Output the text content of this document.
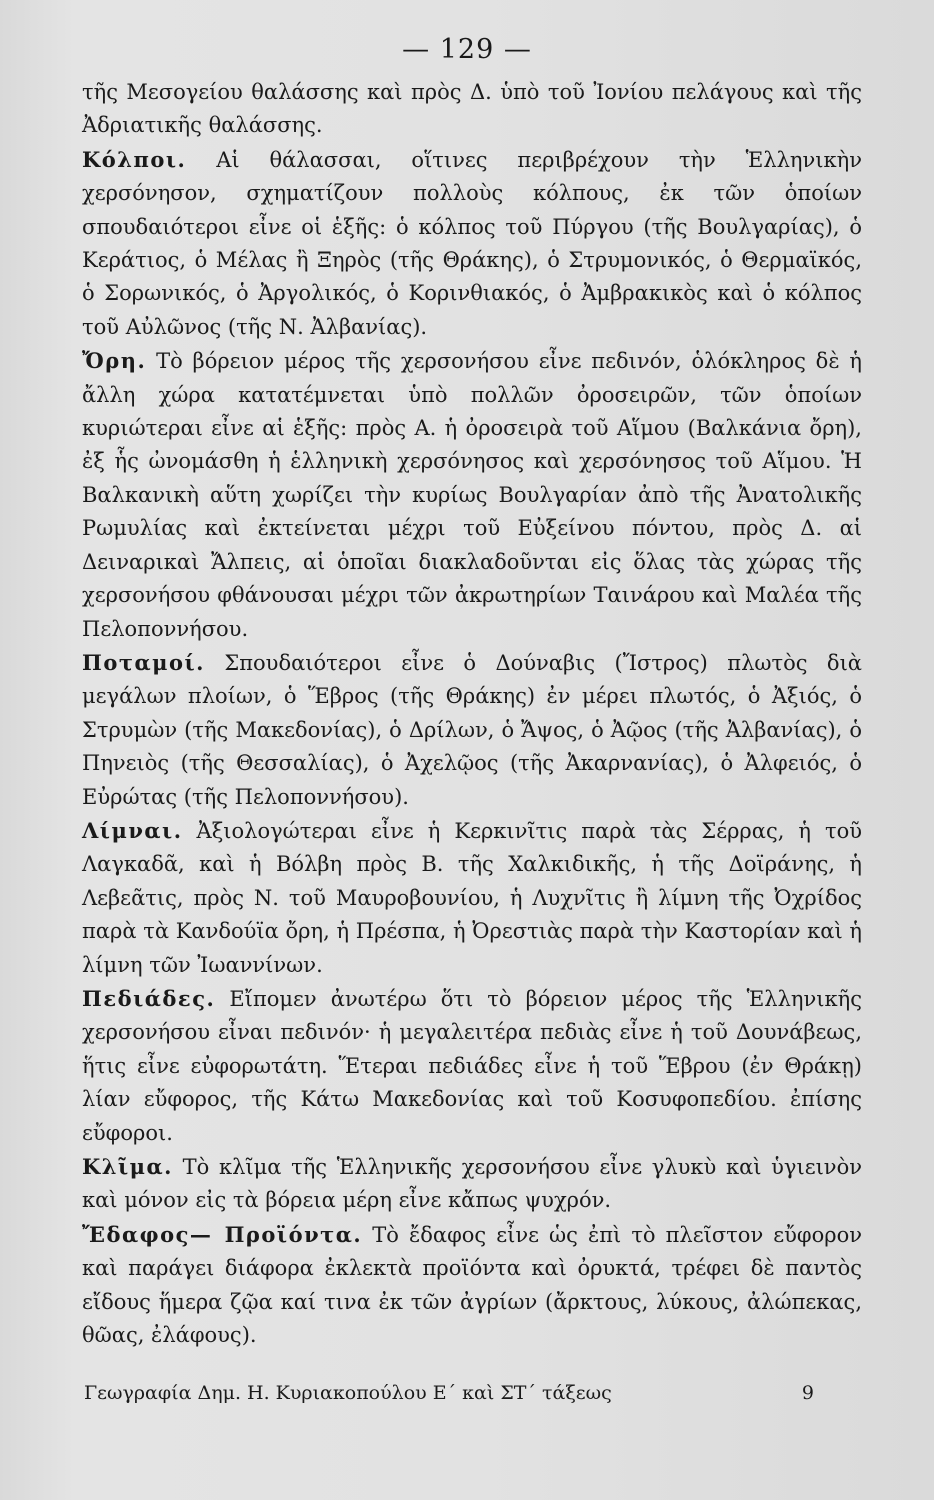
— 129 —

τῆς Μεσογείου θαλάσσης καὶ πρὸς Δ. ὑπὸ τοῦ Ἰονίου πελάγους καὶ τῆς Ἀδριατικῆς θαλάσσης.

Κόλποι. Αἱ θάλασσαι, οἵτινες περιβρέχουν τὴν Ἑλληνικὴν χερσόνησον, σχηματίζουν πολλοὺς κόλπους, ἐκ τῶν ὁποίων σπουδαιότεροι εἶνε οἱ ἑξῆς: ὁ κόλπος τοῦ Πύργου (τῆς Βουλγαρίας), ὁ Κεράτιος, ὁ Μέλας ἢ Ξηρὸς (τῆς Θράκης), ὁ Στρυμονικός, ὁ Θερμαϊκός, ὁ Σορωνικός, ὁ Ἀργολικός, ὁ Κορινθιακός, ὁ Ἀμβρακικὸς καὶ ὁ κόλπος τοῦ Αὐλῶνος (τῆς Ν. Ἀλβανίας).

Ὄρη. Τὸ βόρειον μέρος τῆς χερσονήσου εἶνε πεδινόν, ὁλόκληρος δὲ ἡ ἄλλη χώρα κατατέμνεται ὑπὸ πολλῶν ὀροσειρῶν, τῶν ὁποίων κυριώτεραι εἶνε αἱ ἑξῆς: πρὸς Α. ἡ ὀροσειρὰ τοῦ Αἵμου (Βαλκάνια ὄρη), ἐξ ἧς ὠνομάσθη ἡ ἑλληνικὴ χερσόνησος καὶ χερσόνησος τοῦ Αἵμου. Ἡ Βαλκανικὴ αὕτη χωρίζει τὴν κυρίως Βουλγαρίαν ἀπὸ τῆς Ἀνατολικῆς Ρωμυλίας καὶ ἐκτείνεται μέχρι τοῦ Εὐξείνου πόντου, πρὸς Δ. αἱ Δειναρικαὶ Ἄλπεις, αἱ ὁποῖαι διακλαδοῦνται εἰς ὅλας τὰς χώρας τῆς χερσονήσου φθάνουσαι μέχρι τῶν ἀκρωτηρίων Ταινάρου καὶ Μαλέα τῆς Πελοποννήσου.

Ποταμοί. Σπουδαιότεροι εἶνε ὁ Δούναβις (Ἴστρος) πλωτὸς διὰ μεγάλων πλοίων, ὁ Ἕβρος (τῆς Θράκης) ἐν μέρει πλωτός, ὁ Ἀξιός, ὁ Στρυμὼν (τῆς Μακεδονίας), ὁ Δρίλων, ὁ Ἄψος, ὁ Ἀῷος (τῆς Ἀλβανίας), ὁ Πηνειὸς (τῆς Θεσσαλίας), ὁ Ἀχελῷος (τῆς Ἀκαρνανίας), ὁ Ἀλφειός, ὁ Εὐρώτας (τῆς Πελοποννήσου).

Λίμναι. Ἀξιολογώτεραι εἶνε ἡ Κερκινῖτις παρὰ τὰς Σέρρας, ἡ τοῦ Λαγκαδᾶ, καὶ ἡ Βόλβη πρὸς Β. τῆς Χαλκιδικῆς, ἡ τῆς Δοϊράνης, ἡ Λεβεᾶτις, πρὸς Ν. τοῦ Μαυροβουνίου, ἡ Λυχνῖτις ἢ λίμνη τῆς Ὀχρίδος παρὰ τὰ Κανδούϊα ὄρη, ἡ Πρέσπα, ἡ Ὀρεστιὰς παρὰ τὴν Καστορίαν καὶ ἡ λίμνη τῶν Ἰωαννίνων.

Πεδιάδες. Εἴπομεν ἀνωτέρω ὅτι τὸ βόρειον μέρος τῆς Ἑλληνικῆς χερσονήσου εἶναι πεδινόν· ἡ μεγαλειτέρα πεδιὰς εἶνε ἡ τοῦ Δουνάβεως, ἥτις εἶνε εὐφορωτάτη. Ἕτεραι πεδιάδες εἶνε ἡ τοῦ Ἕβρου (ἐν Θράκῃ) λίαν εὔφορος, τῆς Κάτω Μακεδονίας καὶ τοῦ Κοσυφοπεδίου. ἐπίσης εὔφοροι.

Κλῖμα. Τὸ κλῖμα τῆς Ἑλληνικῆς χερσονήσου εἶνε γλυκὺ καὶ ὑγιεινὸν καὶ μόνον εἰς τὰ βόρεια μέρη εἶνε κἄπως ψυχρόν.

Ἔδαφος— Προϊόντα. Τὸ ἔδαφος εἶνε ὡς ἐπὶ τὸ πλεῖστον εὔφορον καὶ παράγει διάφορα ἐκλεκτὰ προϊόντα καὶ ὀρυκτά, τρέφει δὲ παντὸς εἴδους ἥμερα ζῷα καί τινα ἐκ τῶν ἀγρίων (ἄρκτους, λύκους, ἀλώπεκας, θῶας, ἐλάφους).

Γεωγραφία Δημ. Η. Κυριακοπούλου Ε΄ καὶ ΣΤ΄ τάξεως	9
